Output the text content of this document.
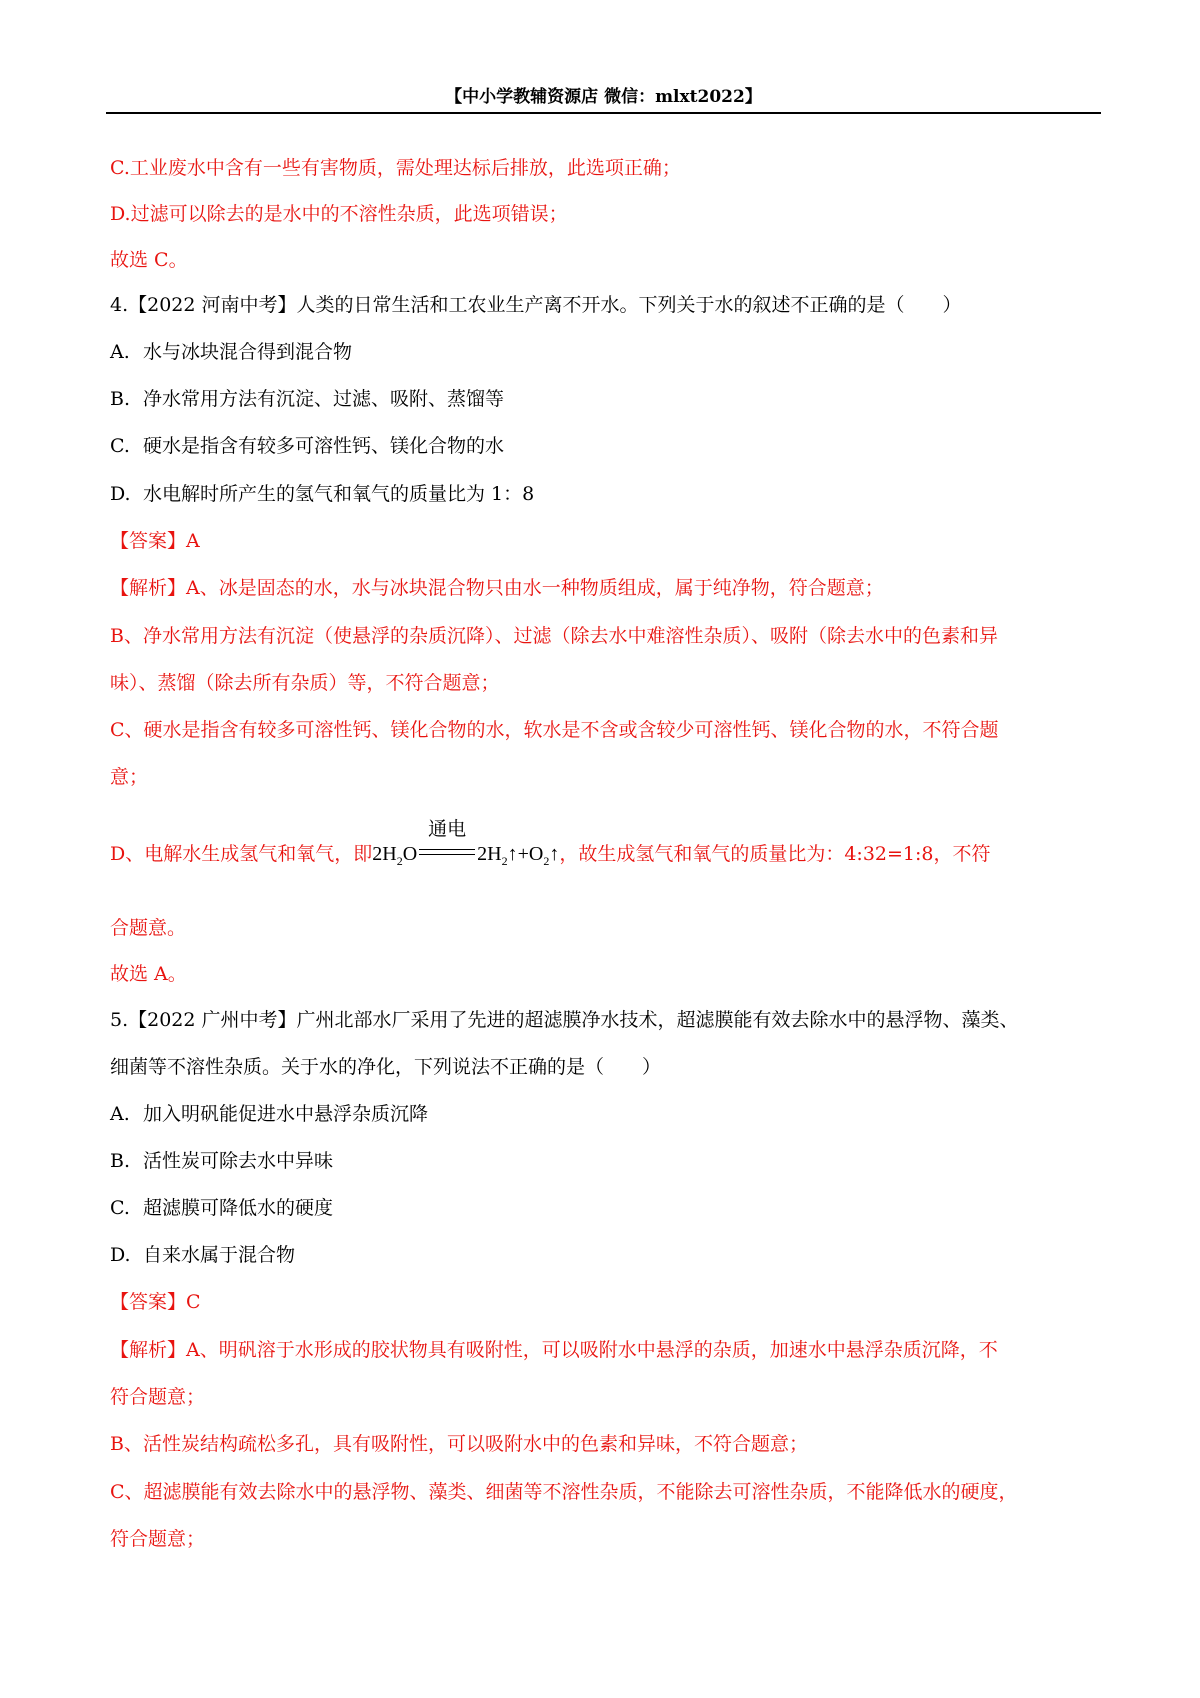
【中小学教辅资源店 微信：mlxt2022】
C.工业废水中含有一些有害物质，需处理达标后排放，此选项正确；
D.过滤可以除去的是水中的不溶性杂质，此选项错误；
故选 C。
4.【2022 河南中考】人类的日常生活和工农业生产离不开水。下列关于水的叙述不正确的是（　　）
A. 水与冰块混合得到混合物
B. 净水常用方法有沉淀、过滤、吸附、蒸馏等
C. 硬水是指含有较多可溶性钙、镁化合物的水
D. 水电解时所产生的氢气和氧气的质量比为 1：8
【答案】A
【解析】A、冰是固态的水，水与冰块混合物只由水一种物质组成，属于纯净物，符合题意；
B、净水常用方法有沉淀（使悬浮的杂质沉降）、过滤（除去水中难溶性杂质）、吸附（除去水中的色素和异
味）、蒸馏（除去所有杂质）等，不符合题意；
C、硬水是指含有较多可溶性钙、镁化合物的水，软水是不含或含较少可溶性钙、镁化合物的水，不符合题
意；
D、电解水生成氢气和氧气，即$2H_2O$
通电
$2H_2↑+O_2↑$，故生成氢气和氧气的质量比为：4:32=1:8，不符
合题意。
故选 A。
5.【2022 广州中考】广州北部水厂采用了先进的超滤膜净水技术，超滤膜能有效去除水中的悬浮物、藻类、
细菌等不溶性杂质。关于水的净化，下列说法不正确的是（　　）
A. 加入明矾能促进水中悬浮杂质沉降
B. 活性炭可除去水中异味
C. 超滤膜可降低水的硬度
D. 自来水属于混合物
【答案】C
【解析】A、明矾溶于水形成的胶状物具有吸附性，可以吸附水中悬浮的杂质，加速水中悬浮杂质沉降，不
符合题意；
B、活性炭结构疏松多孔，具有吸附性，可以吸附水中的色素和异味，不符合题意；
C、超滤膜能有效去除水中的悬浮物、藻类、细菌等不溶性杂质，不能除去可溶性杂质，不能降低水的硬度，
符合题意；
